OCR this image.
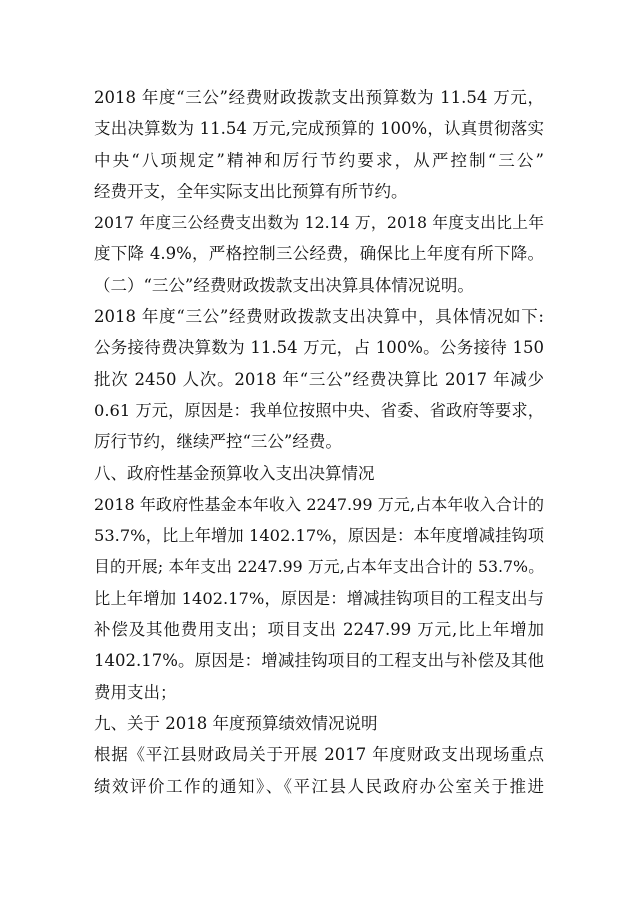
2018 年度“三公”经费财政拨款支出预算数为 11.54 万元，
支出决算数为 11.54 万元,完成预算的 100%，认真贯彻落实
中央“八项规定”精神和厉行节约要求，从严控制“三公”
经费开支，全年实际支出比预算有所节约。
2017 年度三公经费支出数为 12.14 万，2018 年度支出比上年
度下降 4.9%，严格控制三公经费，确保比上年度有所下降。
（二）“三公”经费财政拨款支出决算具体情况说明。
2018 年度“三公”经费财政拨款支出决算中，具体情况如下:
公务接待费决算数为 11.54 万元，占 100%。公务接待 150
批次 2450 人次。2018 年“三公”经费决算比 2017 年减少
0.61 万元，原因是：我单位按照中央、省委、省政府等要求，
厉行节约，继续严控“三公”经费。
八、政府性基金预算收入支出决算情况
2018 年政府性基金本年收入 2247.99 万元,占本年收入合计的
53.7%，比上年增加 1402.17%，原因是：本年度增减挂钩项
目的开展; 本年支出 2247.99 万元,占本年支出合计的 53.7%。
比上年增加 1402.17%，原因是：增减挂钩项目的工程支出与
补偿及其他费用支出；项目支出 2247.99 万元,比上年增加
1402.17%。原因是：增减挂钩项目的工程支出与补偿及其他
费用支出；
九、关于 2018 年度预算绩效情况说明
根据《平江县财政局关于开展 2017 年度财政支出现场重点
绩效评价工作的通知》、《平江县人民政府办公室关于推进
